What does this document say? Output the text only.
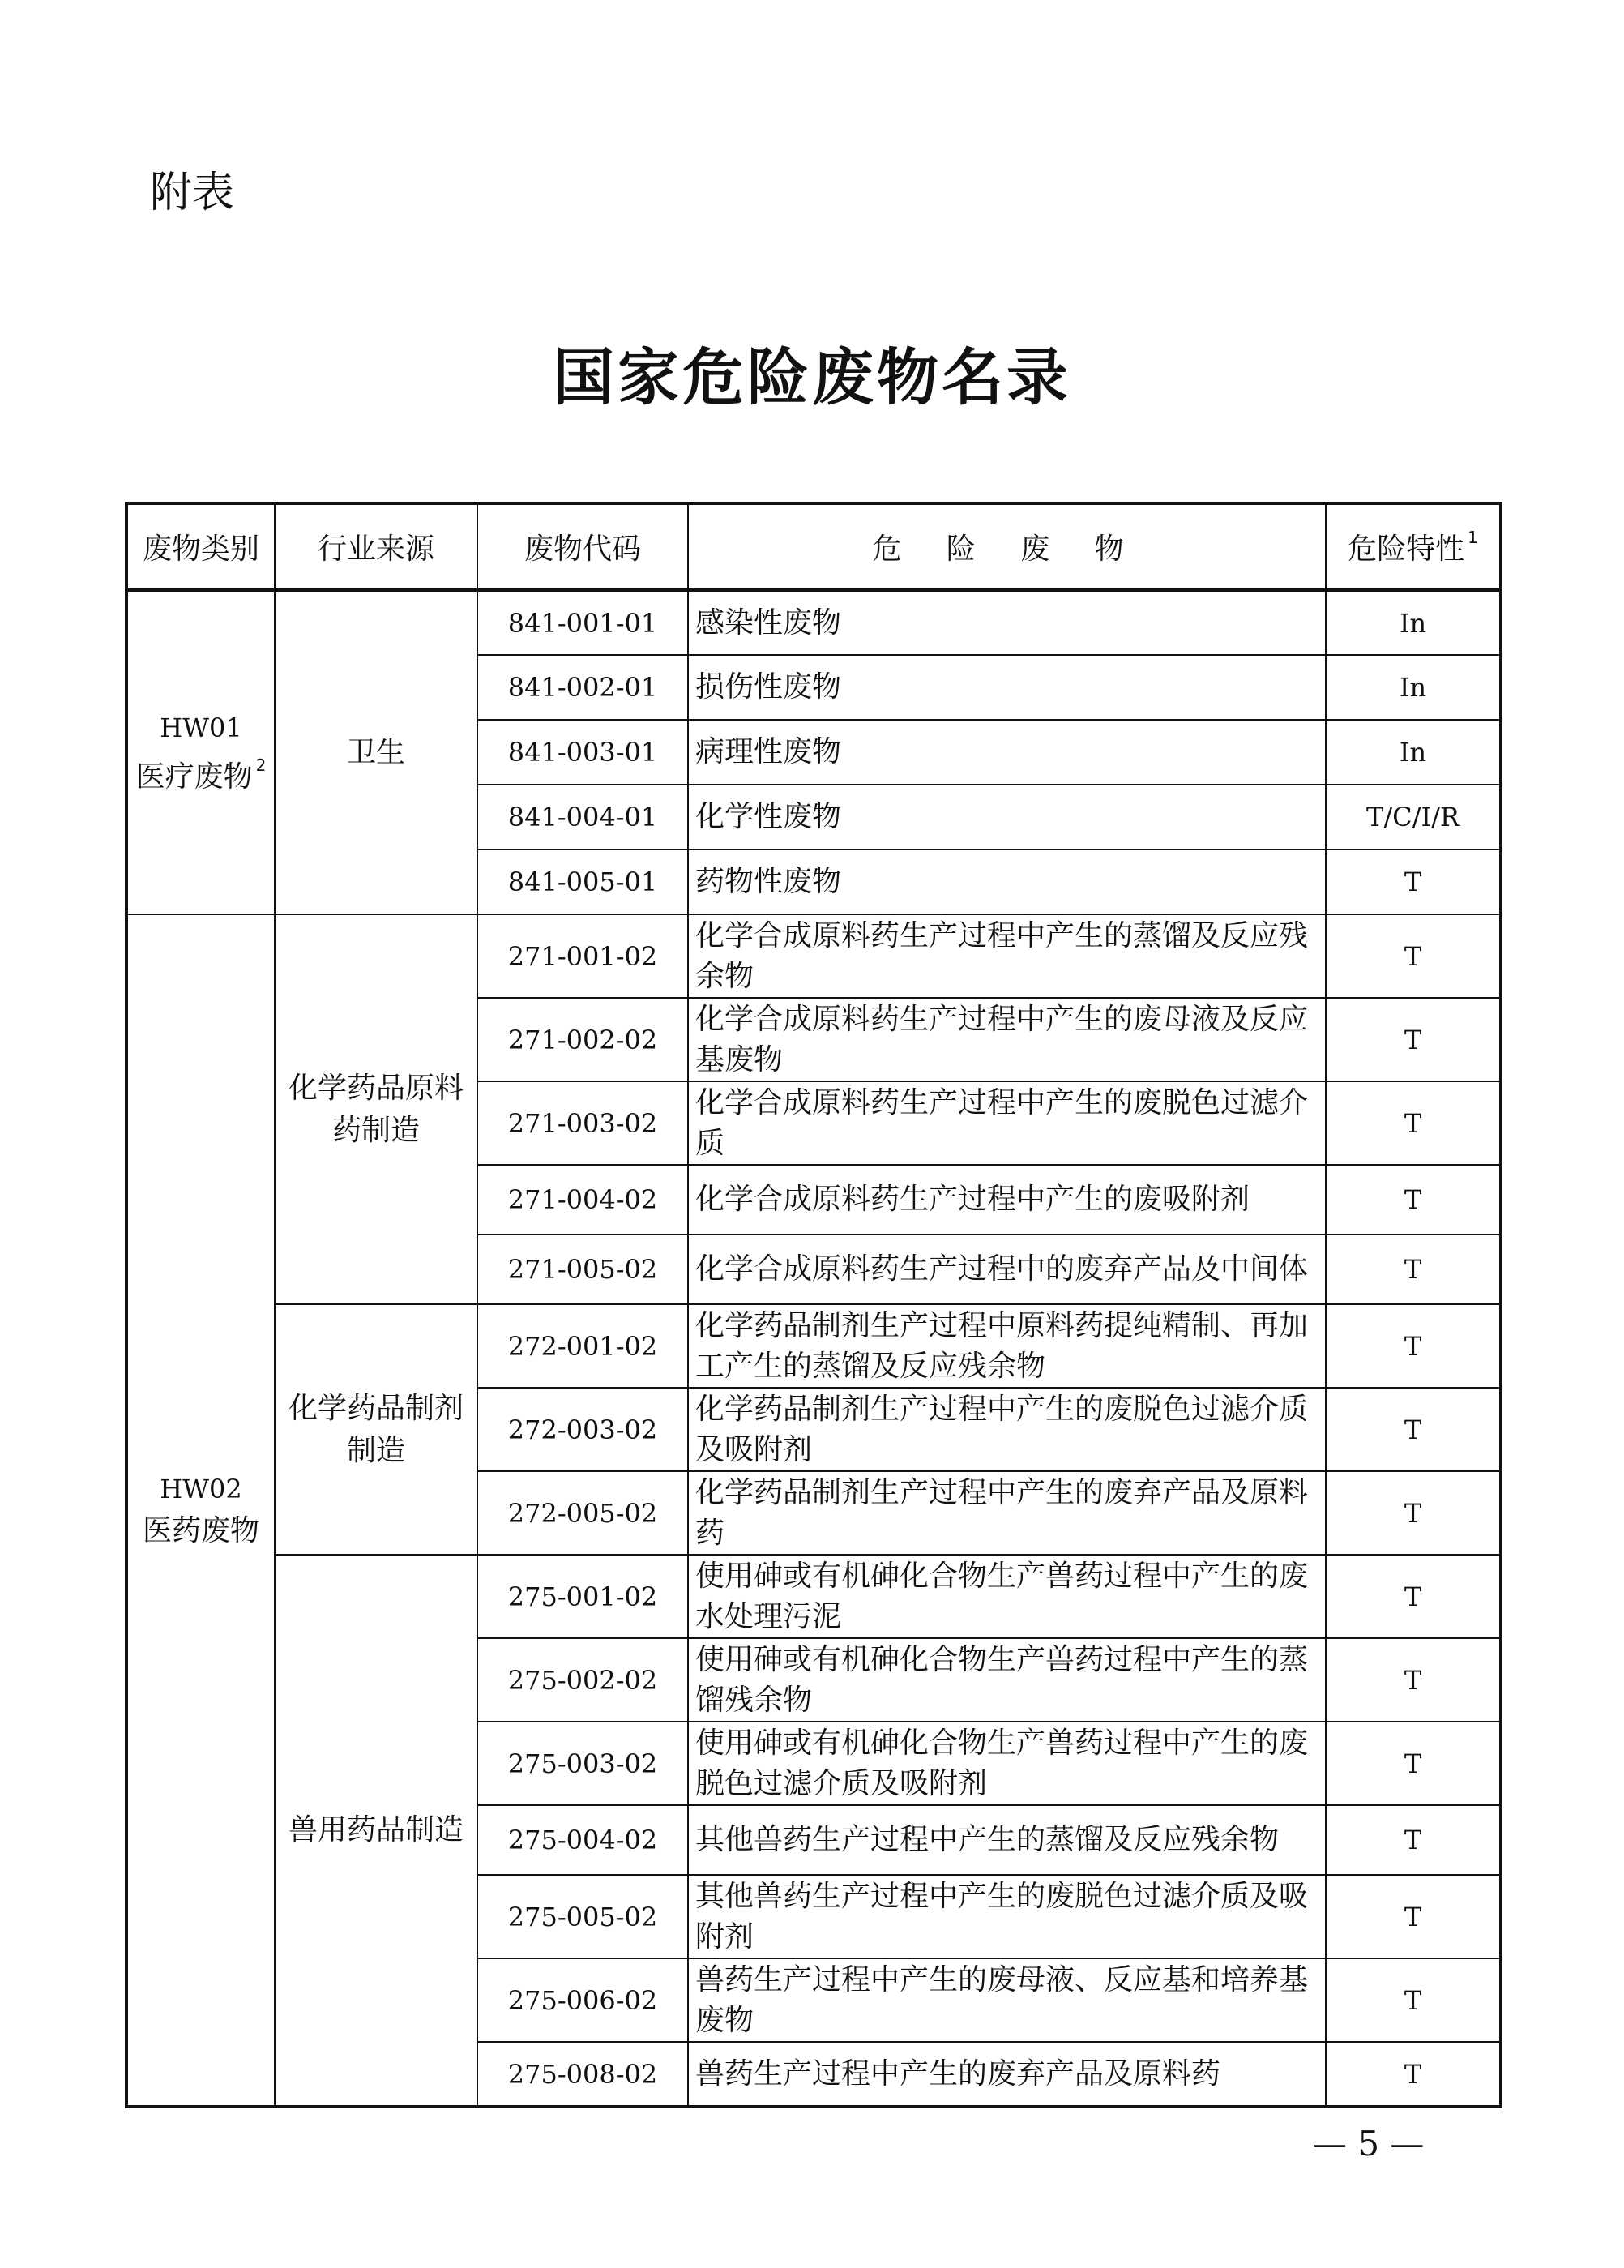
附表
国家危险废物名录
废物类别	行业来源	废物代码	危 险 废 物	危险特性 $^1$

HW01
医疗废物 $^2$	卫生	841-001-01	感染性废物	In
		841-002-01	损伤性废物	In
		841-003-01	病理性废物	In
		841-004-01	化学性废物	T/C/I/R
		841-005-01	药物性废物	T

HW02
医药废物	化学药品原料药制造	271-001-02	化学合成原料药生产过程中产生的蒸馏及反应残余物	T
		271-002-02	化学合成原料药生产过程中产生的废母液及反应基废物	T
		271-003-02	化学合成原料药生产过程中产生的废脱色过滤介质	T
		271-004-02	化学合成原料药生产过程中产生的废吸附剂	T
		271-005-02	化学合成原料药生产过程中的废弃产品及中间体	T
	化学药品制剂制造	272-001-02	化学药品制剂生产过程中原料药提纯精制、再加工产生的蒸馏及反应残余物	T
		272-003-02	化学药品制剂生产过程中产生的废脱色过滤介质及吸附剂	T
		272-005-02	化学药品制剂生产过程中产生的废弃产品及原料药	T
	兽用药品制造	275-001-02	使用砷或有机砷化合物生产兽药过程中产生的废水处理污泥	T
		275-002-02	使用砷或有机砷化合物生产兽药过程中产生的蒸馏残余物	T
		275-003-02	使用砷或有机砷化合物生产兽药过程中产生的废脱色过滤介质及吸附剂	T
		275-004-02	其他兽药生产过程中产生的蒸馏及反应残余物	T
		275-005-02	其他兽药生产过程中产生的废脱色过滤介质及吸附剂	T
		275-006-02	兽药生产过程中产生的废母液、反应基和培养基废物	T
		275-008-02	兽药生产过程中产生的废弃产品及原料药	T
— 5 —
